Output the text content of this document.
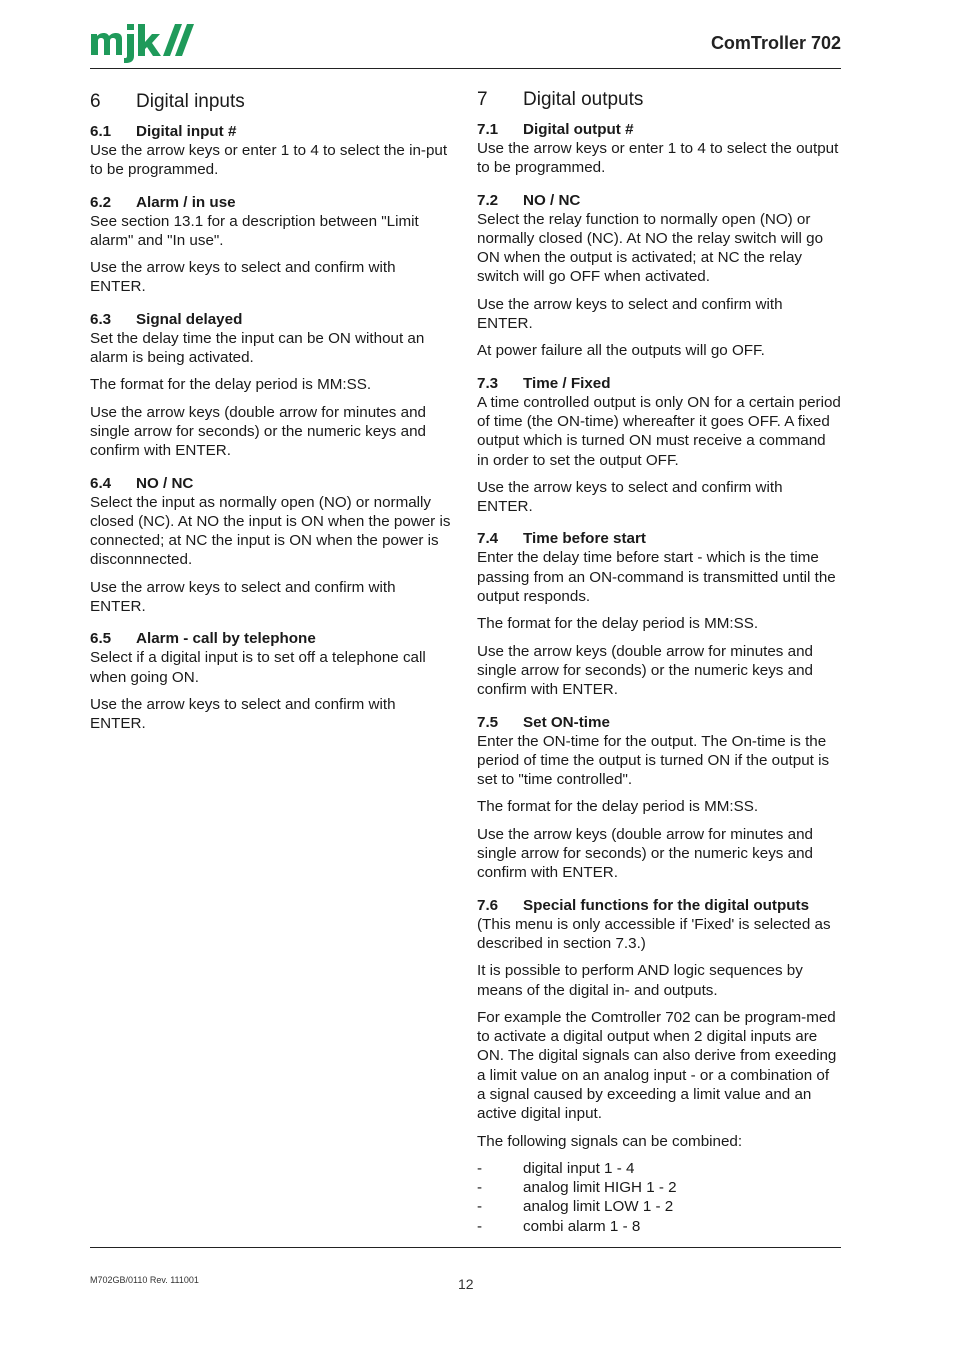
ComTroller 702
6	Digital inputs
6.1	Digital input #

Use the arrow keys or enter 1 to 4 to select the in-put to be programmed.

6.2	Alarm / in use

See section 13.1 for a description between "Limit alarm" and "In use".

Use the arrow keys to select and confirm with ENTER.

6.3	Signal delayed

Set the delay time the input can be ON without an alarm is being activated.

The format for the delay period is MM:SS.

Use the arrow keys (double arrow for minutes and single arrow for seconds) or the numeric keys and confirm with ENTER.

6.4	NO / NC

Select the input as normally open (NO) or normally closed (NC). At NO the input is ON when the power is connected; at NC the input is ON when the power is disconnnected.

Use the arrow keys to select and confirm with ENTER.

6.5	Alarm - call by telephone

Select if a digital input is to set off a telephone call when going ON.

Use the arrow keys to select and confirm with ENTER.

7	Digital outputs
7.1	Digital output #

Use the arrow keys or enter 1 to 4 to select the output to be programmed.

7.2	NO / NC

Select the relay function to normally open (NO) or normally closed (NC). At NO the relay switch will go ON when the output is activated; at NC the relay switch will go OFF when activated.

Use the arrow keys to select and confirm with ENTER.

At power failure all the outputs will go OFF.

7.3	Time / Fixed

A time controlled output is only ON for a certain period of time (the ON-time) whereafter it goes OFF. A fixed output which is turned ON must receive a command in order to set the output OFF.

Use the arrow keys to select and confirm with ENTER.

7.4	Time before start

Enter the delay time before start - which is the time passing from an ON-command is transmitted until the output responds.

The format for the delay period is MM:SS.

Use the arrow keys (double arrow for minutes and single arrow for seconds) or the numeric keys and confirm with ENTER.

7.5	Set ON-time

Enter the ON-time for the output. The On-time is the period of time the output is turned ON if the output is set to "time controlled".

The format for the delay period is MM:SS.

Use the arrow keys (double arrow for minutes and single arrow for seconds) or the numeric keys and confirm with ENTER.

7.6	Special functions for the digital outputs

(This menu is only accessible if 'Fixed' is selected as described in section 7.3.)

It is possible to perform AND logic sequences by means of the digital in- and outputs.

For example the Comtroller 702 can be program-med to activate a digital output when 2 digital inputs are ON. The digital signals can also derive from exeeding a limit value on an analog input - or a combination of a signal caused by exceeding a limit value and an active digital input.

The following signals can be combined:

-	digital input 1 - 4
-	analog limit HIGH 1 - 2
-	analog limit LOW 1 - 2
-	combi alarm 1 - 8
M702GB/0110 Rev. 111001	12
